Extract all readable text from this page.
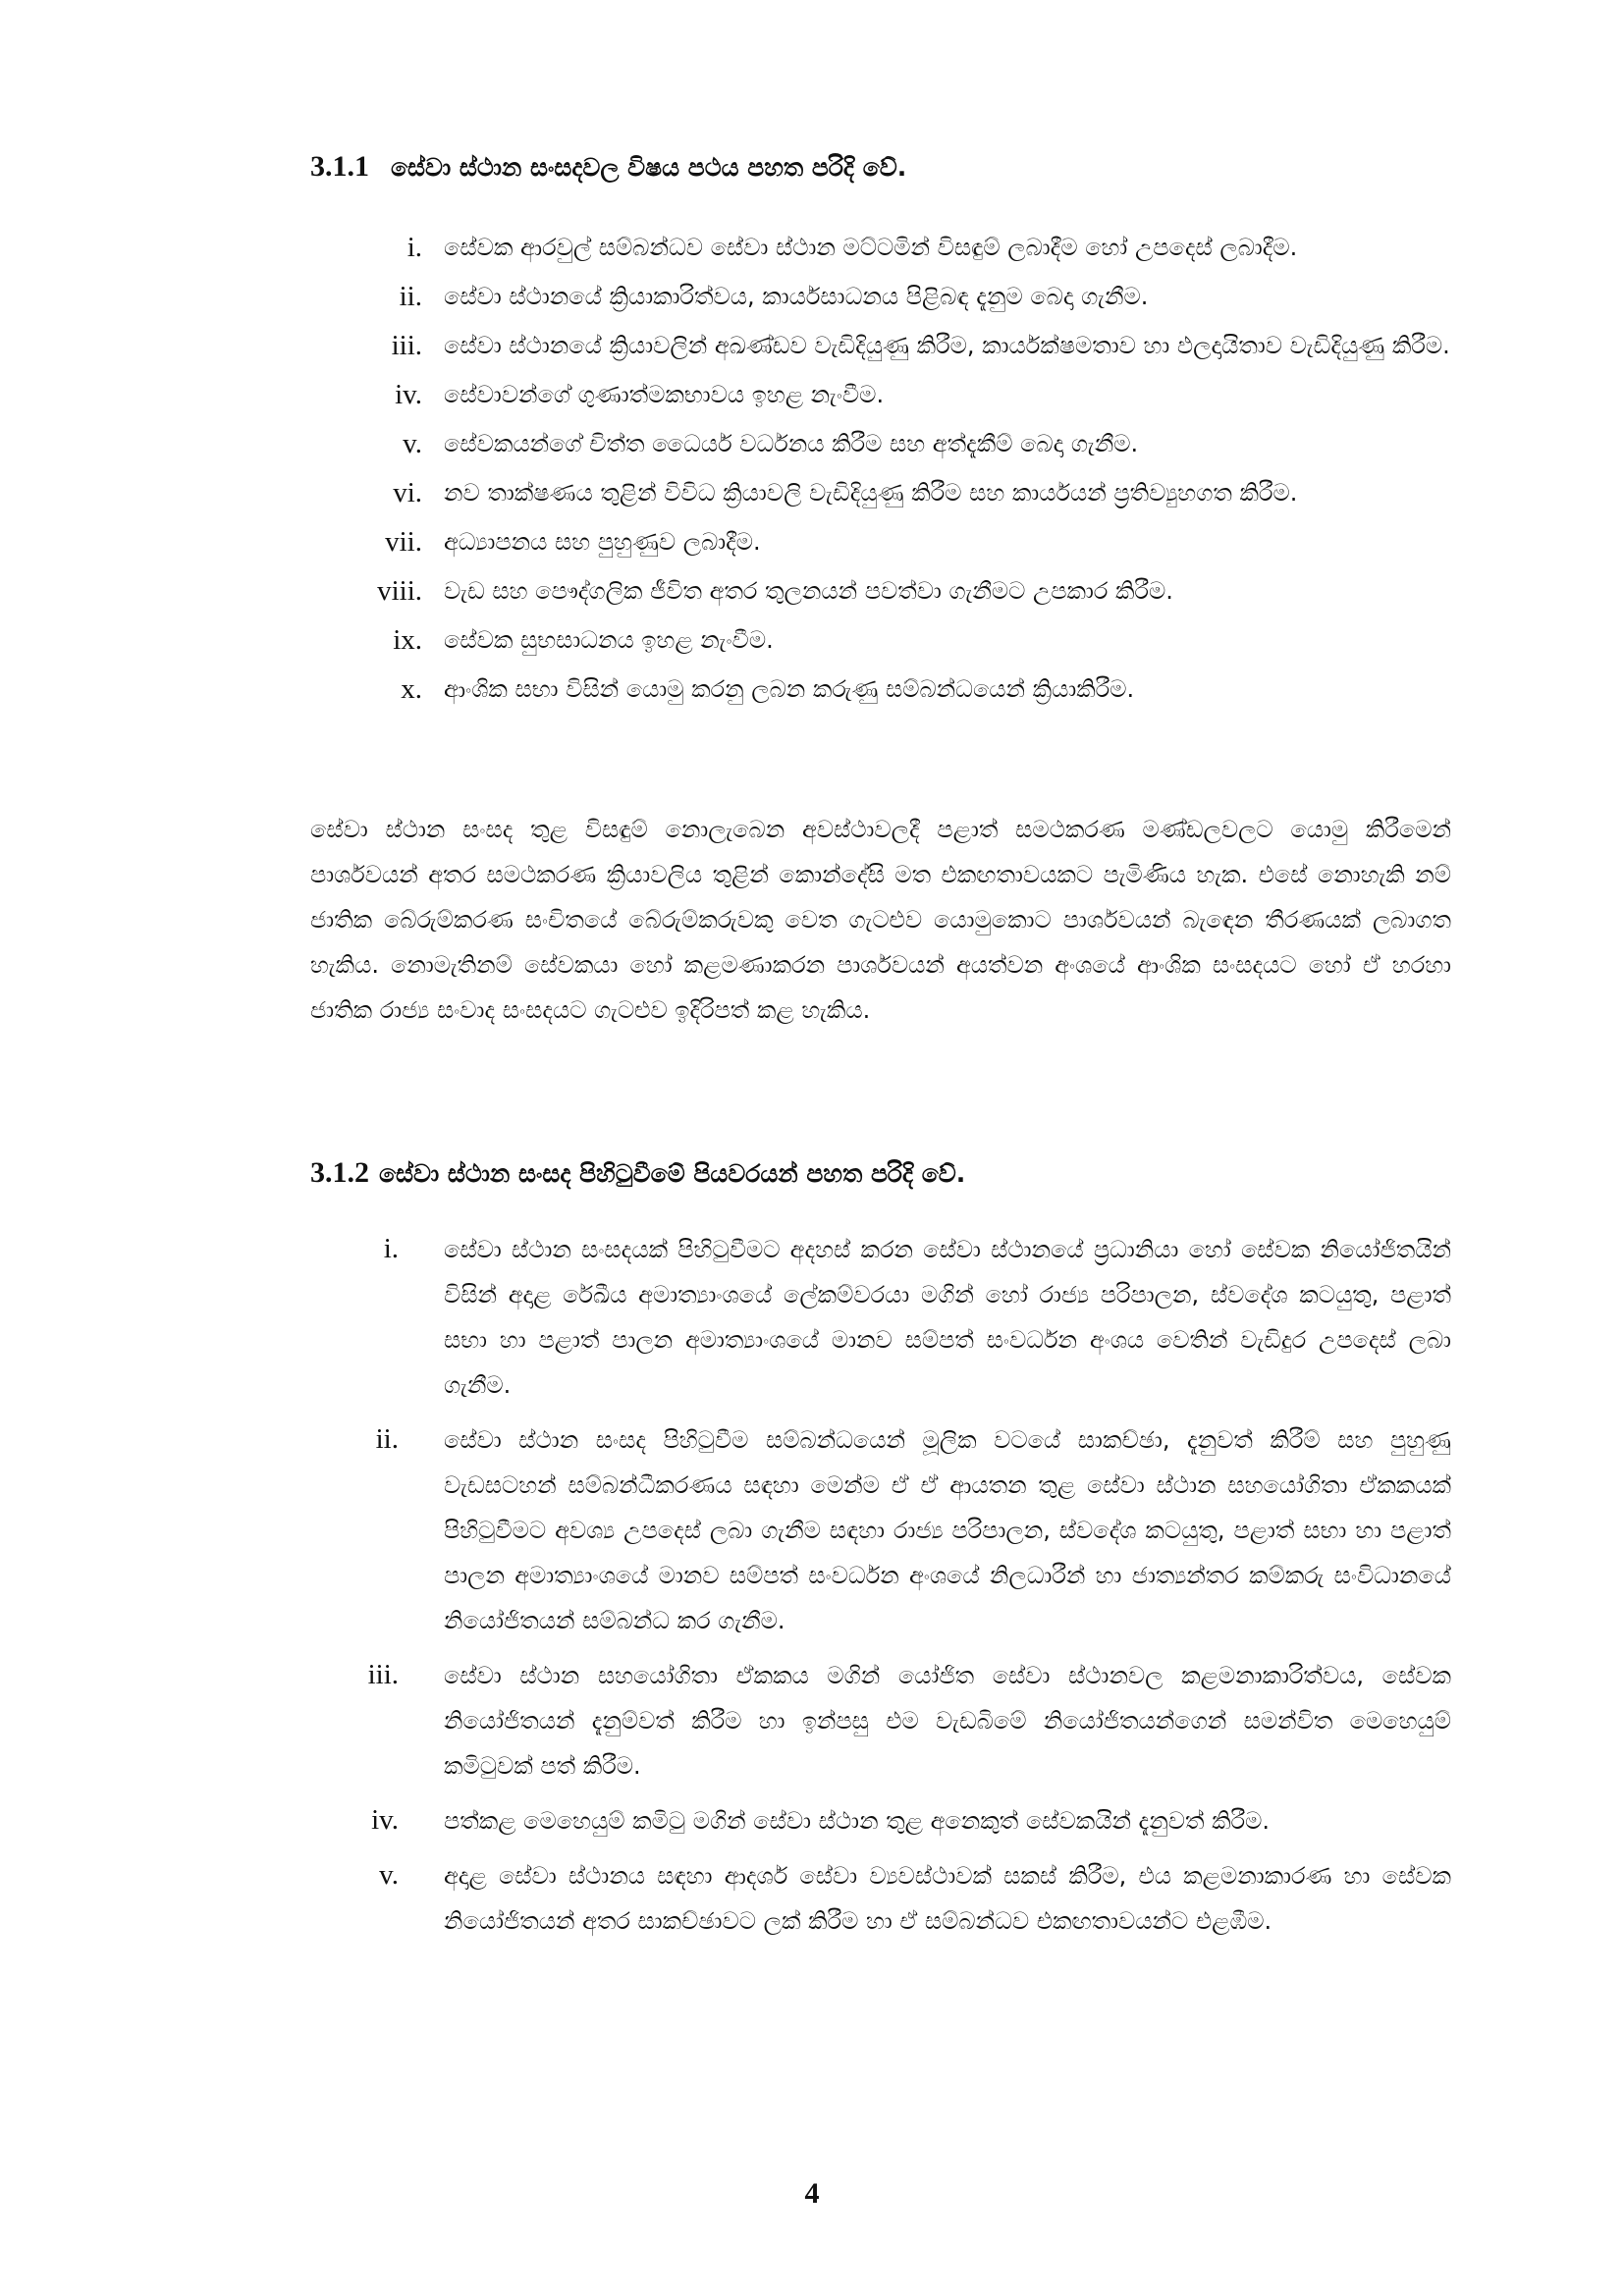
3.1.1 සේවා ස්ථාන සංසදවල විෂය පථය පහත පරිදි වේ.
i. සේවක ආරවුල් සම්බන්ධව සේවා ස්ථාන මට්ටමින් විසඳුම් ලබාදීම හෝ උපදෙස් ලබාදීම.
ii. සේවා ස්ථානයේ ක්‍රියාකාරිත්වය, කාර්යසාධනය පිළිබඳ දැනුම බෙදා ගැනීම.
iii. සේවා ස්ථානයේ ක්‍රියාවලින් අඛණ්ඩව වැඩිදියුණු කිරීම, කාර්යක්ෂමතාව හා ඵලදායිතාව වැඩිදියුණු කිරීම.
iv. සේවාවන්ගේ ගුණාත්මකභාවය ඉහළ නැංවීම.
v. සේවකයන්ගේ චිත්ත ධෛර්ය වර්ධනය කිරීම සහ අත්දැකීම් බෙදා ගැනීම.
vi. නව තාක්ෂණය තුළින් විවිධ ක්‍රියාවලි වැඩිදියුණු කිරීම සහ කාර්යයන් ප්‍රතිව්‍යුහගත කිරීම.
vii. අධ්‍යාපනය සහ පුහුණුව ලබාදීම.
viii. වැඩ සහ පෞද්ගලික ජීවිත අතර තුලනයන් පවත්වා ගැනීමට උපකාර කිරීම.
ix. සේවක සුභසාධනය ඉහළ නැංවීම.
x. ආංශික සභා විසින් යොමු කරනු ලබන කරුණු සම්බන්ධයෙන් ක්‍රියාකිරීම.

සේවා ස්ථාන සංසද තුළ විසඳුම් නොලැබෙන අවස්ථාවලදී පළාත් සමථකරණ මණ්ඩලවලට යොමු කිරීමෙන් පාර්ශවයන් අතර සමථකරණ ක්‍රියාවලිය තුළින් කොන්දේසි මත එකඟතාවයකට පැමිණිය හැක. එසේ නොහැකි නම් ජාතික බේරුම්කරණ සංචිතයේ බේරුම්කරුවකු වෙත ගැටළුව යොමුකොට පාර්ශවයන් බැඳෙන තීරණයක් ලබාගත හැකිය. නොමැතිනම් සේවකයා හෝ කළමණාකරන පාර්ශවයන් අයත්වන අංශයේ ආංශික සංසදයට හෝ ඒ හරහා ජාතික රාජ්‍ය සංවාද සංසදයට ගැටළුව ඉදිරිපත් කළ හැකිය.

3.1.2 සේවා ස්ථාන සංසද පිහිටුවීමේ පියවරයන් පහත පරිදි වේ.
i. සේවා ස්ථාන සංසදයක් පිහිටුවීමට අදහස් කරන සේවා ස්ථානයේ ප්‍රධානියා හෝ සේවක නියෝජිතයින් විසින් අදාළ රේඛීය අමාත්‍යාංශයේ ලේකම්වරයා මගින් හෝ රාජ්‍ය පරිපාලන, ස්වදේශ කටයුතු, පළාත් සභා හා පළාත් පාලන අමාත්‍යාංශයේ මානව සම්පත් සංවර්ධන අංශය වෙතින් වැඩිදුර උපදෙස් ලබා ගැනීම.
ii. සේවා ස්ථාන සංසද පිහිටුවීම සම්බන්ධයෙන් මූලික වටයේ සාකච්ඡා, දැනුවත් කිරීම් සහ පුහුණු වැඩසටහන් සම්බන්ධීකරණය සඳහා මෙන්ම ඒ ඒ ආයතන තුළ සේවා ස්ථාන සහයෝගිතා ඒකකයක් පිහිටුවීමට අවශ්‍ය උපදෙස් ලබා ගැනීම සඳහා රාජ්‍ය පරිපාලන, ස්වදේශ කටයුතු, පළාත් සභා හා පළාත් පාලන අමාත්‍යාංශයේ මානව සම්පත් සංවර්ධන අංශයේ නිලධාරීන් හා ජාත්‍යන්තර කම්කරු සංවිධානයේ නියෝජිතයන් සම්බන්ධ කර ගැනීම.
iii. සේවා ස්ථාන සහයෝගිතා ඒකකය මගින් යෝජිත සේවා ස්ථානවල කළමනාකාරිත්වය, සේවක නියෝජිතයන් දැනුම්වත් කිරීම හා ඉන්පසු එම වැඩබිමේ නියෝජිතයන්ගෙන් සමන්විත මෙහෙයුම් කමිටුවක් පත් කිරීම.
iv. පත්කළ මෙහෙයුම් කමිටු මගින් සේවා ස්ථාන තුළ අනෙකුත් සේවකයින් දැනුවත් කිරීම.
v. අදාළ සේවා ස්ථානය සඳහා ආදර්ශ සේවා ව්‍යවස්ථාවක් සකස් කිරීම, එය කළමනාකාරණ හා සේවක නියෝජිතයන් අතර සාකච්ඡාවට ලක් කිරීම හා ඒ සම්බන්ධව එකඟතාවයන්ට එළඹීම.
4
